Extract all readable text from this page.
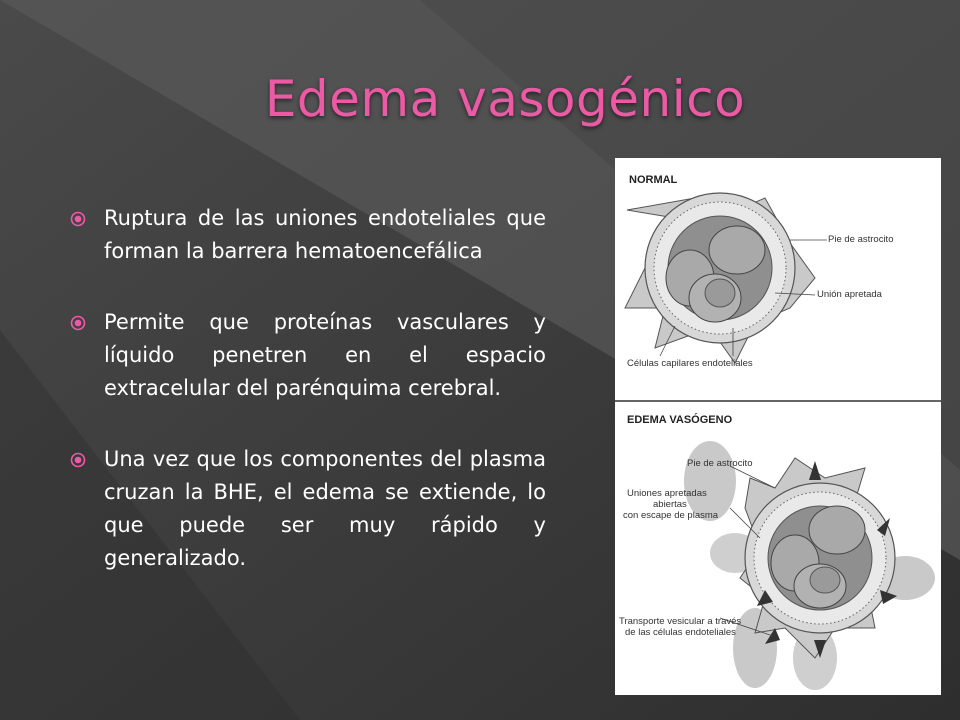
Edema vasogénico
Ruptura de las uniones endoteliales que forman la barrera hematoencefálica
Permite que proteínas vasculares y líquido penetren en el espacio extracelular del parénquima cerebral.
Una vez que los componentes del plasma cruzan la BHE, el edema se extiende, lo que puede ser muy rápido y generalizado.
NORMAL
Pie de astrocito
Unión apretada
Células capilares endoteliales
EDEMA VASÓGENO
Pie de astrocito
Uniones apretadas
abiertas
con escape de plasma
Transporte vesicular a través
de las células endoteliales
